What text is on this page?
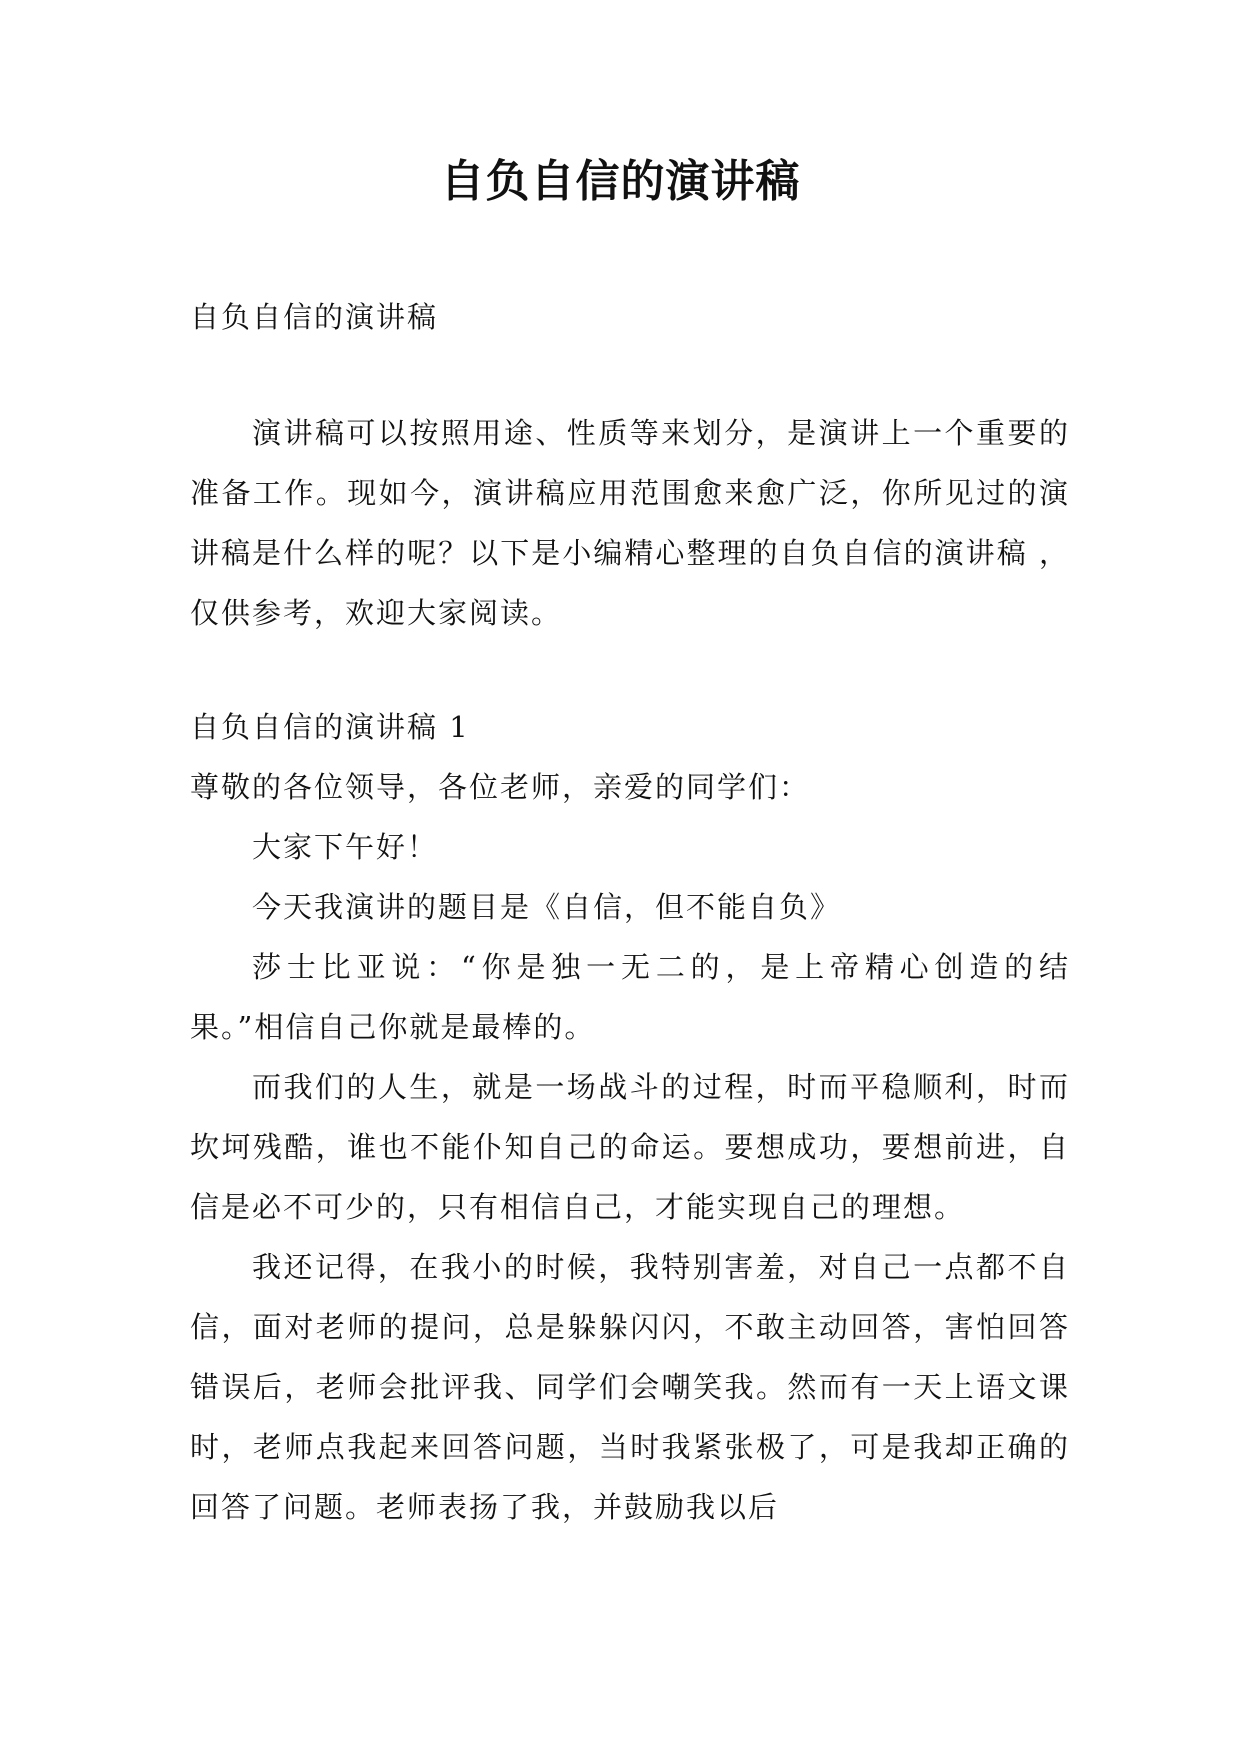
自负自信的演讲稿
自负自信的演讲稿

演讲稿可以按照用途、性质等来划分，是演讲上一个重要的准备工作。现如今，演讲稿应用范围愈来愈广泛，你所见过的演讲稿是什么样的呢？以下是小编精心整理的自负自信的演讲稿 ，仅供参考，欢迎大家阅读。

自负自信的演讲稿 1

尊敬的各位领导，各位老师，亲爱的同学们：

大家下午好！

今天我演讲的题目是《自信，但不能自负》

莎士比亚说：“你是独一无二的，是上帝精心创造的结果。”相信自己你就是最棒的。

而我们的人生，就是一场战斗的过程，时而平稳顺利，时而坎坷残酷，谁也不能仆知自己的命运。要想成功，要想前进，自信是必不可少的，只有相信自己，才能实现自己的理想。

我还记得，在我小的时候，我特别害羞，对自己一点都不自信，面对老师的提问，总是躲躲闪闪，不敢主动回答，害怕回答错误后，老师会批评我、同学们会嘲笑我。然而有一天上语文课时，老师点我起来回答问题，当时我紧张极了，可是我却正确的回答了问题。老师表扬了我，并鼓励我以后
